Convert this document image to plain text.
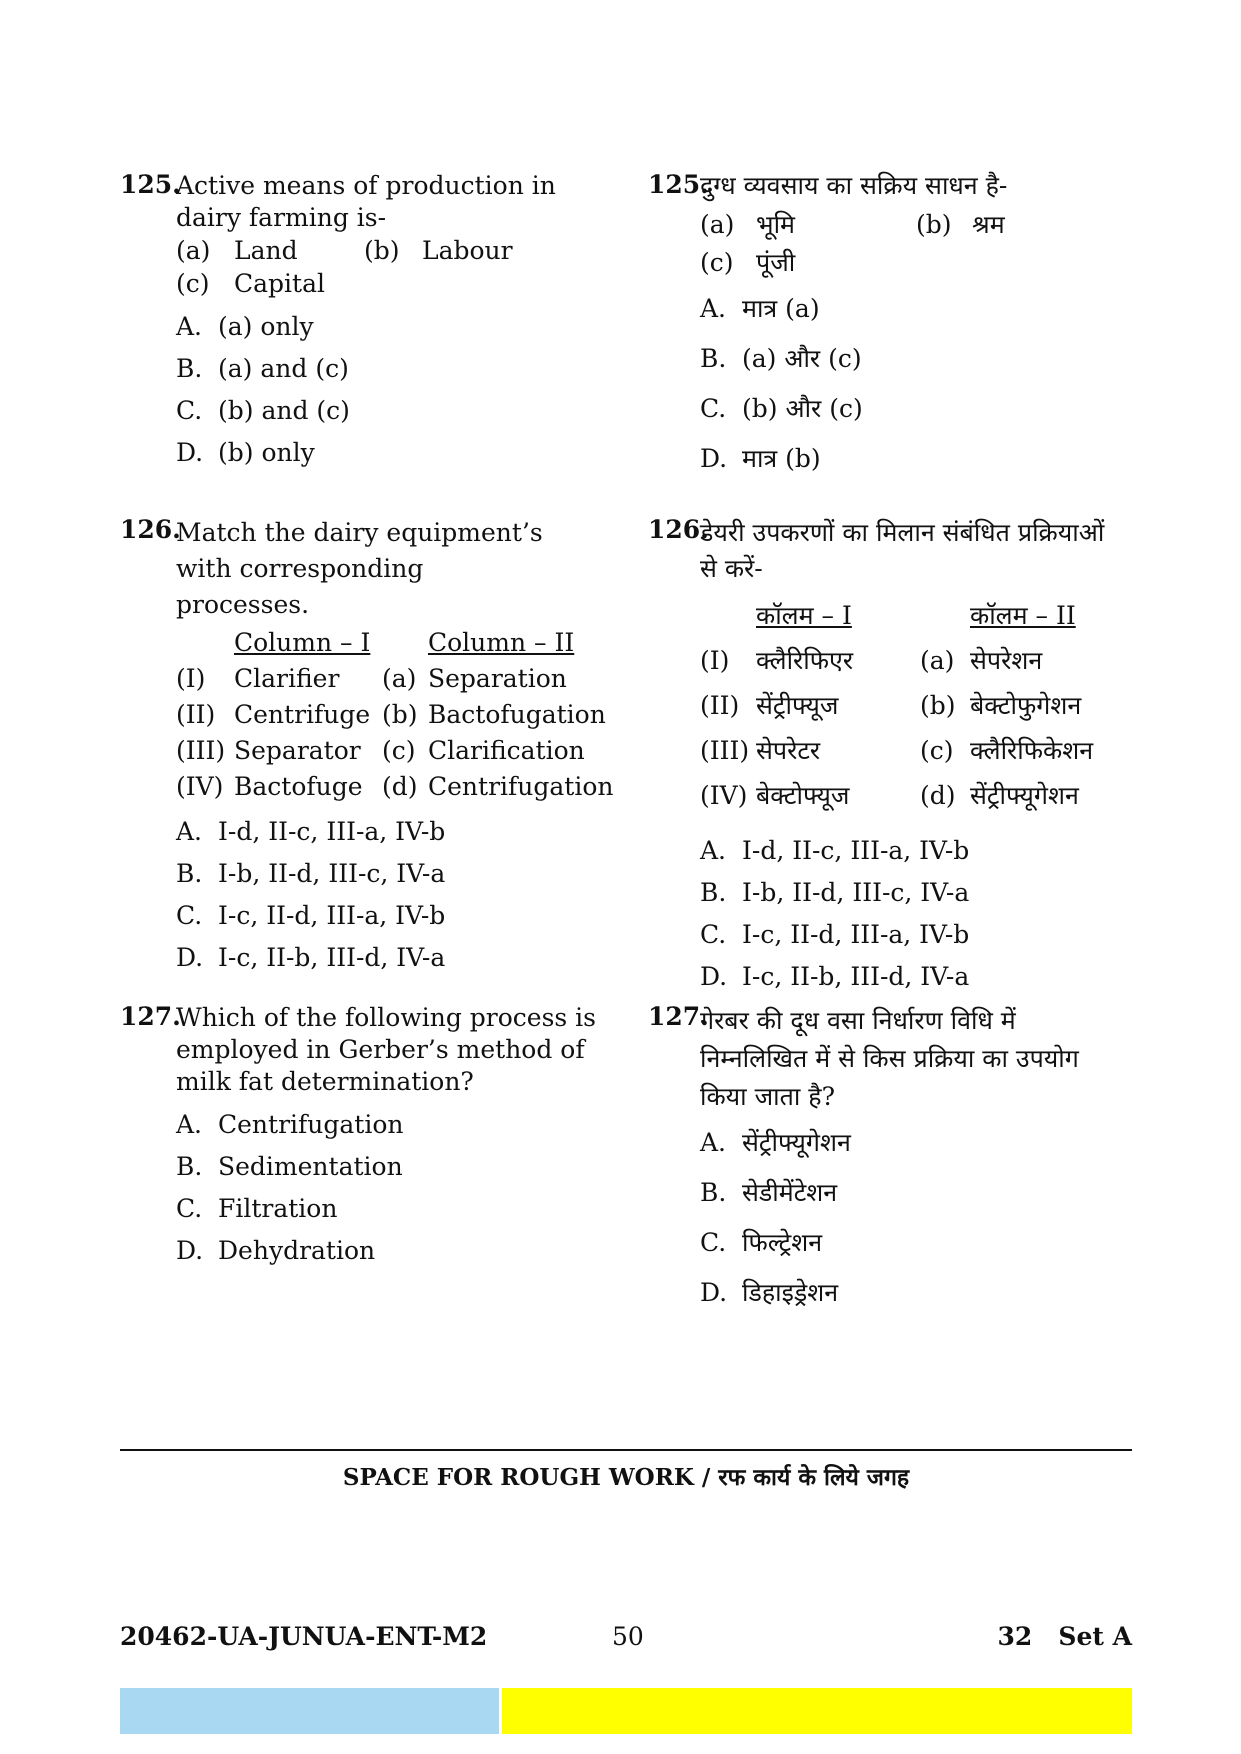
125.
Active means of production in dairy farming is-
(a) Land	(b) Labour
(c) Capital
A. (a) only
B. (a) and (c)
C. (b) and (c)
D. (b) only
126.
Match the dairy equipment’s with corresponding processes.
Column – I	Column – II
(I)	Clarifier	(a) Separation
(II) Centrifuge (b) Bactofugation
(III) Separator (c) Clarification
(IV) Bactofuge (d) Centrifugation
A. I-d, II-c, III-a, IV-b
B. I-b, II-d, III-c, IV-a
C. I-c, II-d, III-a, IV-b
D. I-c, II-b, III-d, IV-a
127.
Which of the following process is employed in Gerber’s method of milk fat determination?
A. Centrifugation
B. Sedimentation
C. Filtration
D. Dehydration
125.
दुग्ध व्यवसाय का सक्रिय साधन है-
(a) भूमि	(b) श्रम
(c) पूंजी
A. मात्र (a)
B. (a) और (c)
C. (b) और (c)
D. मात्र (b)
126.
डेयरी उपकरणों का मिलान संबंधित प्रक्रियाओं से करें-
कॉलम – I	कॉलम – II
(I)	क्लैरिफिएर	(a) सेपरेशन
(II) सेंट्रीफ्यूज	(b) बेक्टोफुगेशन
(III) सेपरेटर	(c) क्लैरिफिकेशन
(IV) बेक्टोफ्यूज	(d) सेंट्रीफ्यूगेशन
A. I-d, II-c, III-a, IV-b
B. I-b, II-d, III-c, IV-a
C. I-c, II-d, III-a, IV-b
D. I-c, II-b, III-d, IV-a
127.
गेरबर की दूध वसा निर्धारण विधि में निम्नलिखित में से किस प्रक्रिया का उपयोग किया जाता है?
A. सेंट्रीफ्यूगेशन
B. सेडीमेंटेशन
C. फिल्ट्रेशन
D. डिहाइड्रेशन
SPACE FOR ROUGH WORK / रफ कार्य के लिये जगह
20462-UA-JUNUA-ENT-M2	50	32   Set A
